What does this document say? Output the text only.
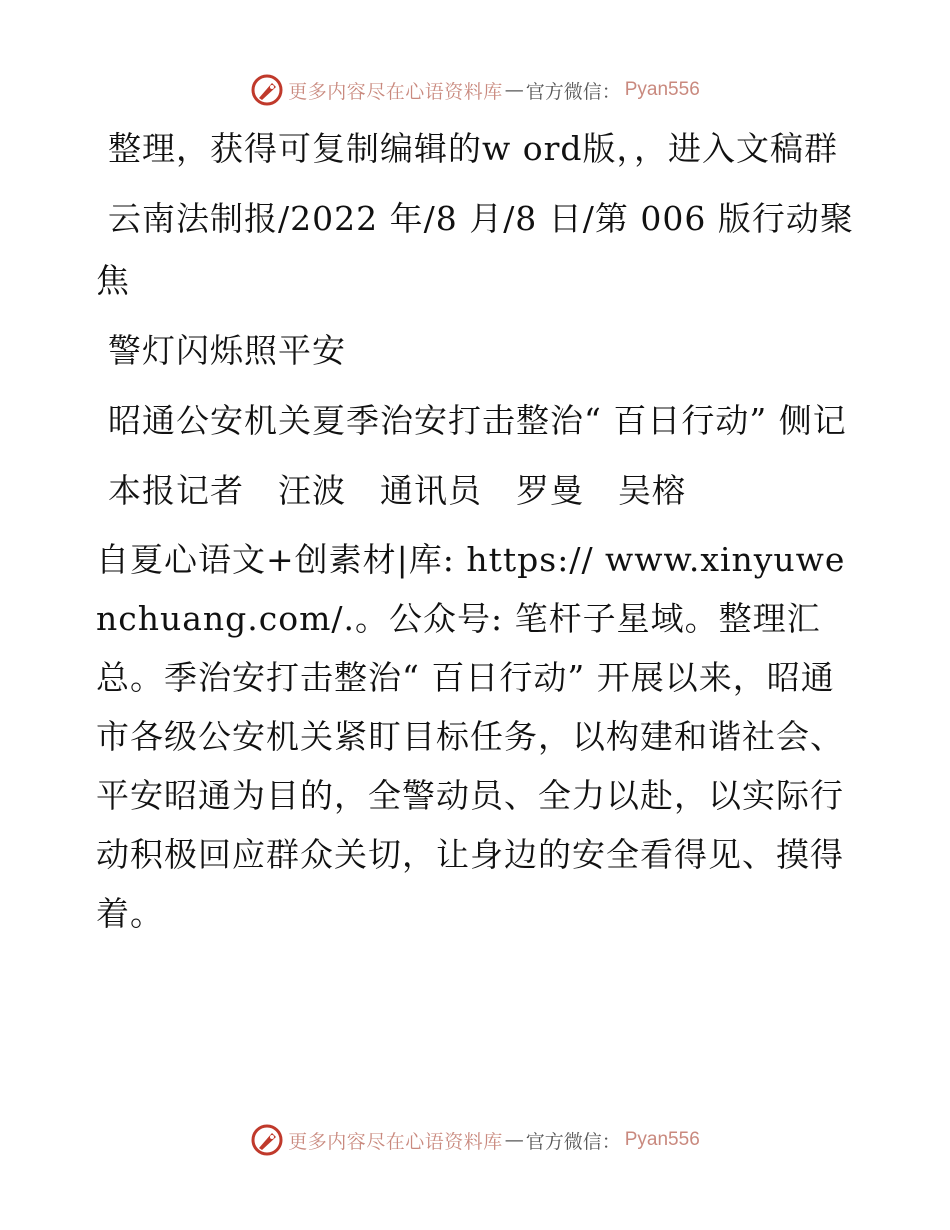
更多内容尽在心语资料库 — 官方微信： Pyan556

整理，获得可复制编辑的w ord版，，进入文稿群

云南法制报/2022 年/8 月/8 日/第 006 版行动聚焦

警灯闪烁照平安

昭通公安机关夏季治安打击整治“ 百日行动” 侧记

本报记者　汪波　通讯员　罗曼　吴榕

自夏心语文+创素材|库: https:// www.xinyuwenchuang.com/.。公众号: 笔杆子星域。整理汇总。季治安打击整治“ 百日行动” 开展以来，昭通市各级公安机关紧盯目标任务，以构建和谐社会、平安昭通为目的，全警动员、全力以赴，以实际行动积极回应群众关切，让身边的安全看得见、摸得着。

更多内容尽在心语资料库 — 官方微信： Pyan556
